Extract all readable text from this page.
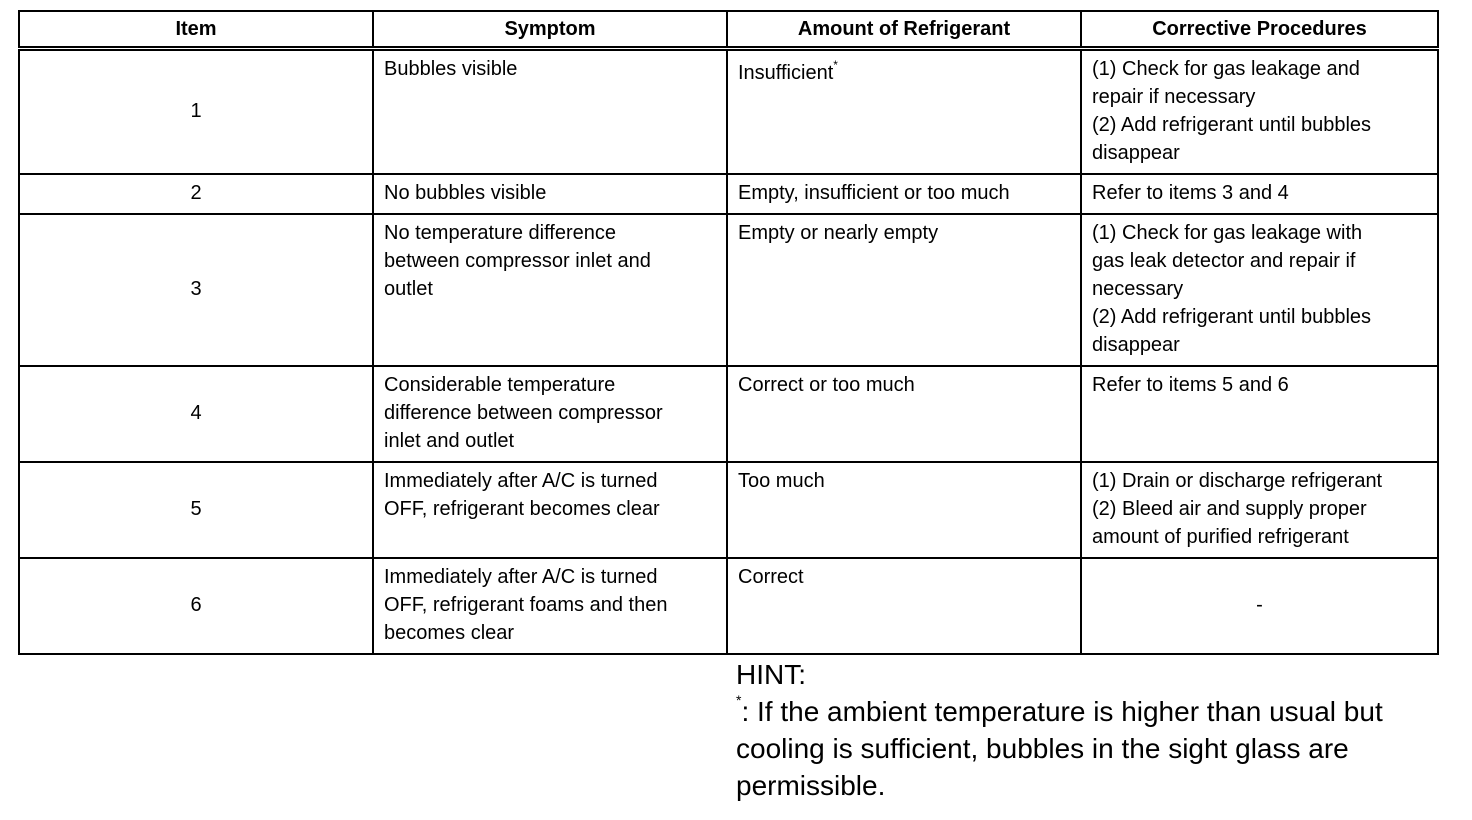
Item	Symptom	Amount of Refrigerant	Corrective Procedures
1	Bubbles visible	Insufficient*	(1) Check for gas leakage and
repair if necessary
(2) Add refrigerant until bubbles
disappear

2	No bubbles visible	Empty, insufficient or too much	Refer to items 3 and 4

3	No temperature difference
between compressor inlet and
outlet	Empty or nearly empty	(1) Check for gas leakage with
gas leak detector and repair if
necessary
(2) Add refrigerant until bubbles
disappear

4	Considerable temperature
difference between compressor
inlet and outlet	Correct or too much	Refer to items 5 and 6

5	Immediately after A/C is turned
OFF, refrigerant becomes clear	Too much	(1) Drain or discharge refrigerant
(2) Bleed air and supply proper
amount of purified refrigerant

6	Immediately after A/C is turned
OFF, refrigerant foams and then
becomes clear	Correct	-
HINT:
*: If the ambient temperature is higher than usual but
cooling is sufficient, bubbles in the sight glass are
permissible.
